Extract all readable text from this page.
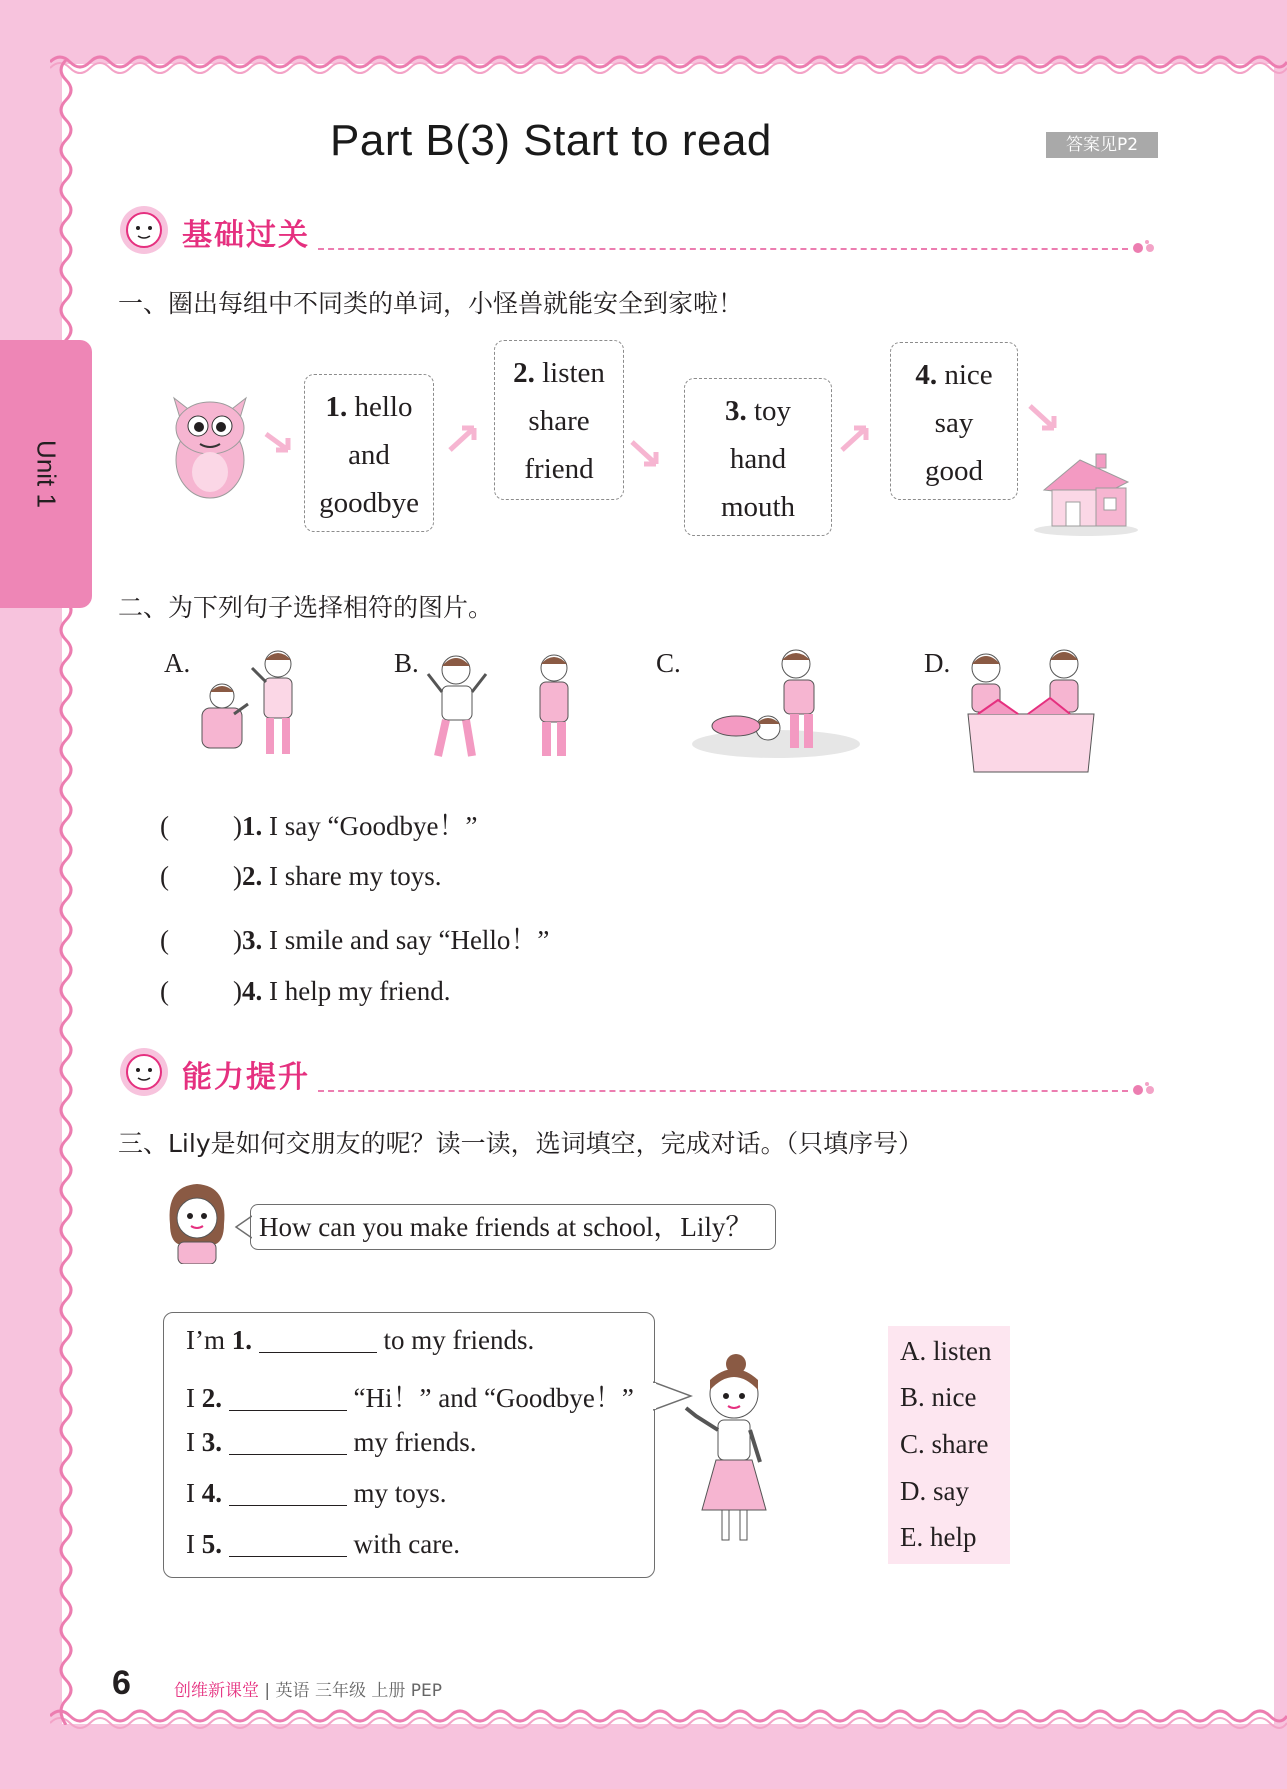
Unit 1
Part B(3) Start to read	答案见P2
基础过关
一、圈出每组中不同类的单词，小怪兽就能安全到家啦！
1. hello
and
goodbye
2. listen
share
friend
3. toy
hand
mouth
4. nice
say
good
二、为下列句子选择相符的图片。
A.	B.	C.	D.
( ) 1. I say “Goodbye！”
( ) 2. I share my toys.
( ) 3. I smile and say “Hello！”
( ) 4. I help my friend.
能力提升
三、Lily是如何交朋友的呢？读一读，选词填空，完成对话。（只填序号）
How can you make friends at school，Lily？
I’m 1.	to my friends.
I 2.	“Hi！” and “Goodbye！”
I 3.	my friends.
I 4.	my toys.
I 5.	with care.
A. listen
B. nice
C. share
D. say
E. help
6	创维新课堂 | 英语 三年级 上册 PEP
